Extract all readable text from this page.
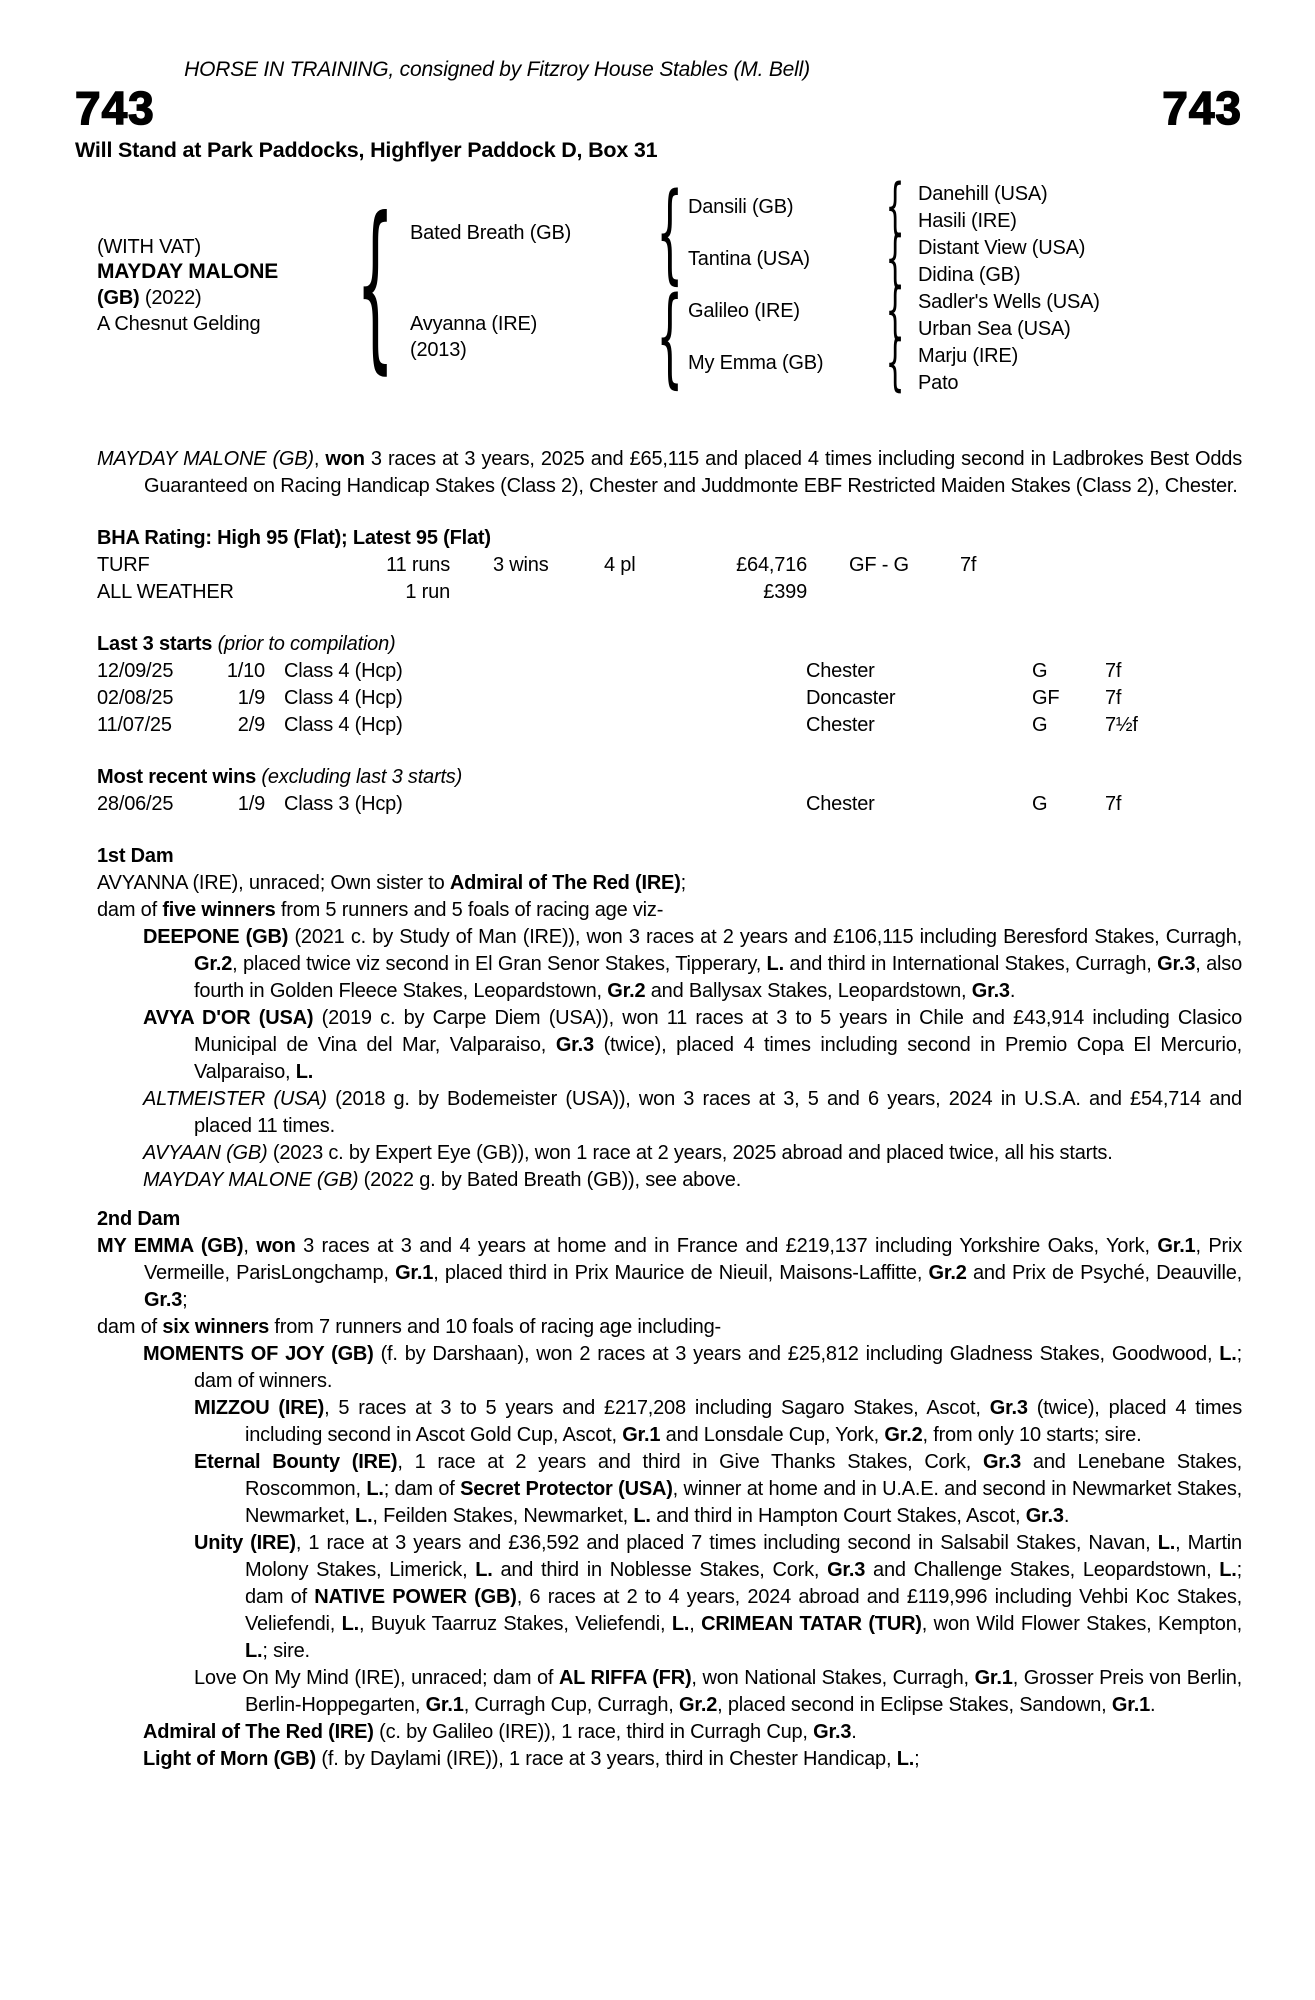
HORSE IN TRAINING, consigned by Fitzroy House Stables (M. Bell)
743	743
Will Stand at Park Paddocks, Highflyer Paddock D, Box 31
(WITH VAT)
MAYDAY MALONE
(GB) (2022)
A Chesnut Gelding
{
{
{
{
{
{
{
Bated Breath (GB)
Avyanna (IRE)
(2013)
Dansili (GB)
Tantina (USA)
Galileo (IRE)
My Emma (GB)
Danehill (USA)
Hasili (IRE)
Distant View (USA)
Didina (GB)
Sadler's Wells (USA)
Urban Sea (USA)
Marju (IRE)
Pato
MAYDAY MALONE (GB), won 3 races at 3 years, 2025 and £65,115 and placed 4 times including second in Ladbrokes Best Odds Guaranteed on Racing Handicap Stakes (Class 2), Chester and Juddmonte EBF Restricted Maiden Stakes (Class 2), Chester.
BHA Rating: High 95 (Flat); Latest 95 (Flat)
TURF	11 runs	3 wins	4 pl	£64,716	GF - G	7f
ALL WEATHER	1 run	£399
Last 3 starts (prior to compilation)
12/09/25	1/10 Class 4 (Hcp)	Chester	G	7f
02/08/25	1/9 Class 4 (Hcp)	Doncaster	GF	7f
11/07/25	2/9 Class 4 (Hcp)	Chester	G	7½f
Most recent wins (excluding last 3 starts)
28/06/25	1/9 Class 3 (Hcp)	Chester	G	7f
1st Dam
AVYANNA (IRE), unraced; Own sister to Admiral of The Red (IRE);
dam of five winners from 5 runners and 5 foals of racing age viz-
DEEPONE (GB) (2021 c. by Study of Man (IRE)), won 3 races at 2 years and £106,115 including Beresford Stakes, Curragh, Gr.2, placed twice viz second in El Gran Senor Stakes, Tipperary, L. and third in International Stakes, Curragh, Gr.3, also fourth in Golden Fleece Stakes, Leopardstown, Gr.2 and Ballysax Stakes, Leopardstown, Gr.3.
AVYA D'OR (USA) (2019 c. by Carpe Diem (USA)), won 11 races at 3 to 5 years in Chile and £43,914 including Clasico Municipal de Vina del Mar, Valparaiso, Gr.3 (twice), placed 4 times including second in Premio Copa El Mercurio, Valparaiso, L.
ALTMEISTER (USA) (2018 g. by Bodemeister (USA)), won 3 races at 3, 5 and 6 years, 2024 in U.S.A. and £54,714 and placed 11 times.
AVYAAN (GB) (2023 c. by Expert Eye (GB)), won 1 race at 2 years, 2025 abroad and placed twice, all his starts.
MAYDAY MALONE (GB) (2022 g. by Bated Breath (GB)), see above.
2nd Dam
MY EMMA (GB), won 3 races at 3 and 4 years at home and in France and £219,137 including Yorkshire Oaks, York, Gr.1, Prix Vermeille, ParisLongchamp, Gr.1, placed third in Prix Maurice de Nieuil, Maisons-Laffitte, Gr.2 and Prix de Psyché, Deauville, Gr.3;
dam of six winners from 7 runners and 10 foals of racing age including-
MOMENTS OF JOY (GB) (f. by Darshaan), won 2 races at 3 years and £25,812 including Gladness Stakes, Goodwood, L.; dam of winners.
MIZZOU (IRE), 5 races at 3 to 5 years and £217,208 including Sagaro Stakes, Ascot, Gr.3 (twice), placed 4 times including second in Ascot Gold Cup, Ascot, Gr.1 and Lonsdale Cup, York, Gr.2, from only 10 starts; sire.
Eternal Bounty (IRE), 1 race at 2 years and third in Give Thanks Stakes, Cork, Gr.3 and Lenebane Stakes, Roscommon, L.; dam of Secret Protector (USA), winner at home and in U.A.E. and second in Newmarket Stakes, Newmarket, L., Feilden Stakes, Newmarket, L. and third in Hampton Court Stakes, Ascot, Gr.3.
Unity (IRE), 1 race at 3 years and £36,592 and placed 7 times including second in Salsabil Stakes, Navan, L., Martin Molony Stakes, Limerick, L. and third in Noblesse Stakes, Cork, Gr.3 and Challenge Stakes, Leopardstown, L.; dam of NATIVE POWER (GB), 6 races at 2 to 4 years, 2024 abroad and £119,996 including Vehbi Koc Stakes, Veliefendi, L., Buyuk Taarruz Stakes, Veliefendi, L., CRIMEAN TATAR (TUR), won Wild Flower Stakes, Kempton, L.; sire.
Love On My Mind (IRE), unraced; dam of AL RIFFA (FR), won National Stakes, Curragh, Gr.1, Grosser Preis von Berlin, Berlin-Hoppegarten, Gr.1, Curragh Cup, Curragh, Gr.2, placed second in Eclipse Stakes, Sandown, Gr.1.
Admiral of The Red (IRE) (c. by Galileo (IRE)), 1 race, third in Curragh Cup, Gr.3.
Light of Morn (GB) (f. by Daylami (IRE)), 1 race at 3 years, third in Chester Handicap, L.;
